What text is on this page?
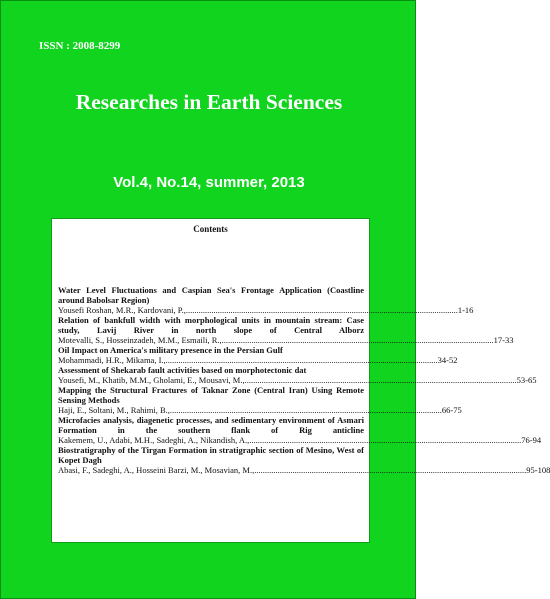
ISSN : 2008-8299
Researches in Earth Sciences
Vol.4, No.14, summer, 2013
Contents
Water Level Fluctuations and Caspian Sea's Frontage Application (Coastline around Babolsar Region)
Yousefi Roshan, M.R., Kardovani, P., ................................................................................................................................ 1-16
Relation of bankfull width with morphological units in mountain stream: Case study, Lavij River in north slope of Central Alborz
Motevalli, S., Hosseinzadeh, M.M., Esmaili, R., ................................................................................................................................ 17-33
Oil Impact on America's military presence in the Persian Gulf
Mohammadi, H.R., Mikama, I., ................................................................................................................................ 34-52
Assessment of Shekarab fault activities based on morphotectonic dat
Yousefi, M., Khatib, M.M., Gholami, E., Mousavi, M., ................................................................................................................................ 53-65
Mapping the Structural Fractures of Taknar Zone (Central Iran) Using Remote Sensing Methods
Haji, E., Soltani, M., Rahimi, B., ................................................................................................................................ 66-75
Microfacies analysis, diagenetic processes, and sedimentary environment of Asmari Formation in the southern flank of Rig anticline
Kakemem, U., Adabi, M.H., Sadeghi, A., Nikandish, A., ................................................................................................................................ 76-94
Biostratigraphy of the Tirgan Formation in stratigraphic section of Mesino, West of Kopet Dagh
Abasi, F., Sadeghi, A., Hosseini Barzi, M., Mosavian, M., ................................................................................................................................ 95-108
